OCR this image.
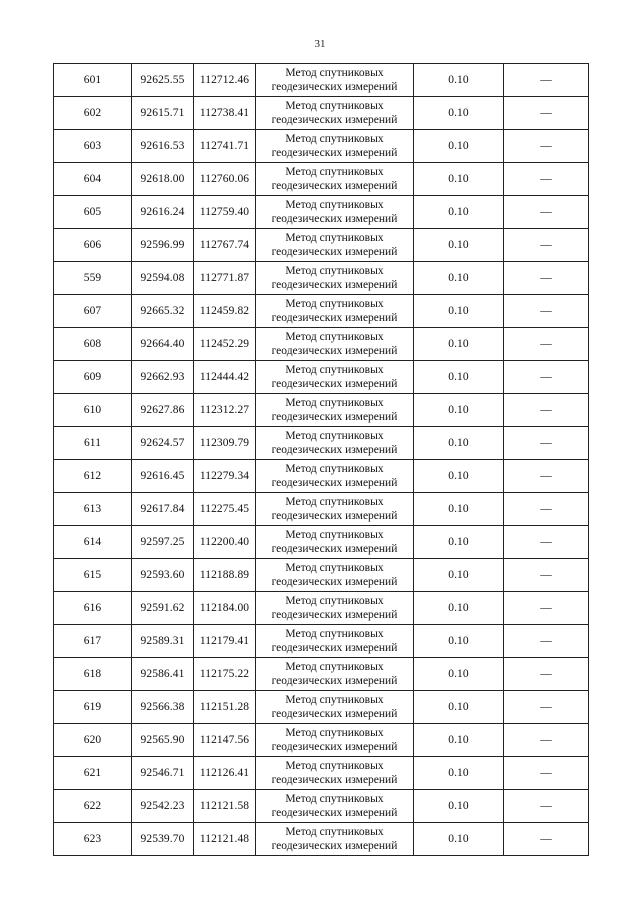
31
601	92625.55	112712.46	Метод спутниковых
геодезических измерений	0.10	—
602	92615.71	112738.41	Метод спутниковых
геодезических измерений	0.10	—
603	92616.53	112741.71	Метод спутниковых
геодезических измерений	0.10	—
604	92618.00	112760.06	Метод спутниковых
геодезических измерений	0.10	—
605	92616.24	112759.40	Метод спутниковых
геодезических измерений	0.10	—
606	92596.99	112767.74	Метод спутниковых
геодезических измерений	0.10	—
559	92594.08	112771.87	Метод спутниковых
геодезических измерений	0.10	—
607	92665.32	112459.82	Метод спутниковых
геодезических измерений	0.10	—
608	92664.40	112452.29	Метод спутниковых
геодезических измерений	0.10	—
609	92662.93	112444.42	Метод спутниковых
геодезических измерений	0.10	—
610	92627.86	112312.27	Метод спутниковых
геодезических измерений	0.10	—
611	92624.57	112309.79	Метод спутниковых
геодезических измерений	0.10	—
612	92616.45	112279.34	Метод спутниковых
геодезических измерений	0.10	—
613	92617.84	112275.45	Метод спутниковых
геодезических измерений	0.10	—
614	92597.25	112200.40	Метод спутниковых
геодезических измерений	0.10	—
615	92593.60	112188.89	Метод спутниковых
геодезических измерений	0.10	—
616	92591.62	112184.00	Метод спутниковых
геодезических измерений	0.10	—
617	92589.31	112179.41	Метод спутниковых
геодезических измерений	0.10	—
618	92586.41	112175.22	Метод спутниковых
геодезических измерений	0.10	—
619	92566.38	112151.28	Метод спутниковых
геодезических измерений	0.10	—
620	92565.90	112147.56	Метод спутниковых
геодезических измерений	0.10	—
621	92546.71	112126.41	Метод спутниковых
геодезических измерений	0.10	—
622	92542.23	112121.58	Метод спутниковых
геодезических измерений	0.10	—
623	92539.70	112121.48	Метод спутниковых
геодезических измерений	0.10	—
